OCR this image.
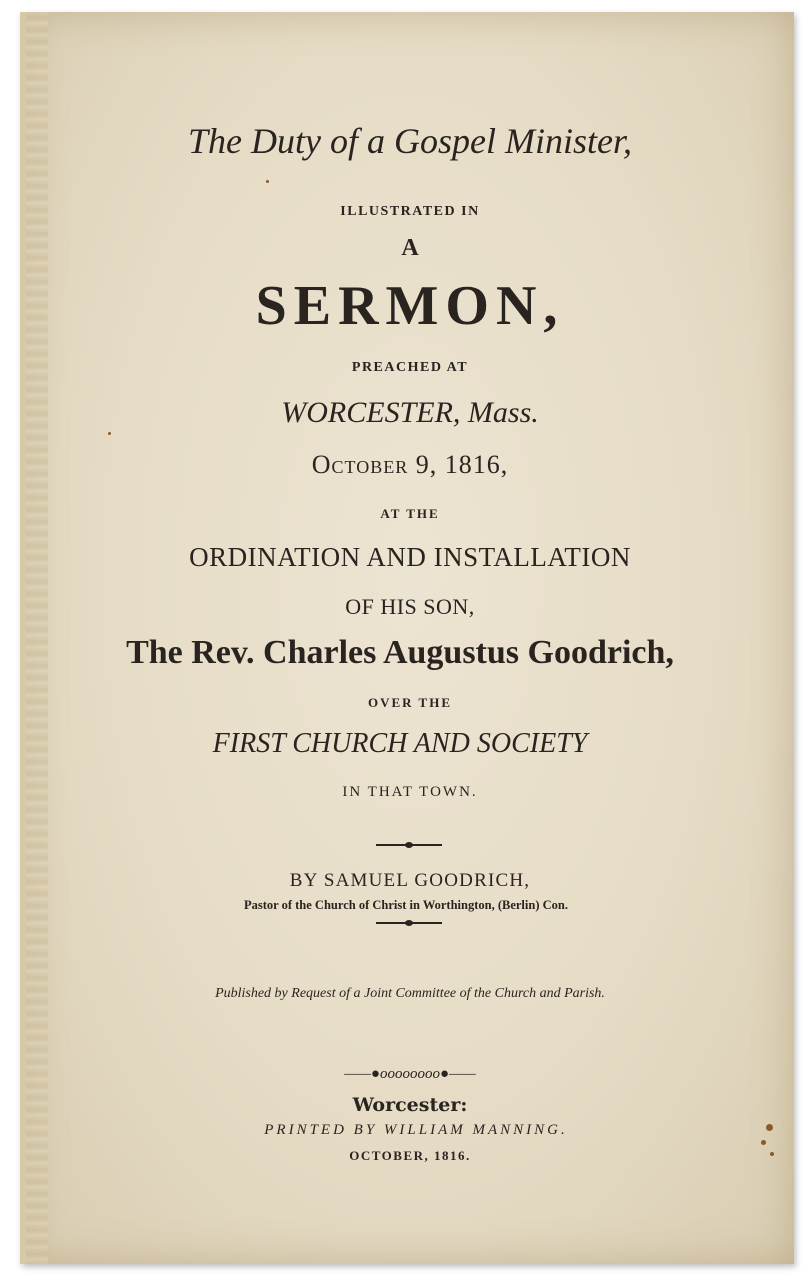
The Duty of a Gospel Minister,
ILLUSTRATED IN
A
SERMON,
PREACHED AT
WORCESTER, Mass.
October 9, 1816,
AT THE
ORDINATION AND INSTALLATION
OF HIS SON,
The Rev. Charles Augustus Goodrich,
OVER THE
FIRST CHURCH AND SOCIETY
IN THAT TOWN.
BY SAMUEL GOODRICH,
Pastor of the Church of Christ in Worthington, (Berlin) Con.
Published by Request of a Joint Committee of the Church and Parish.
——●oooooooo●——
Worcester:
PRINTED BY WILLIAM MANNING.
OCTOBER, 1816.
